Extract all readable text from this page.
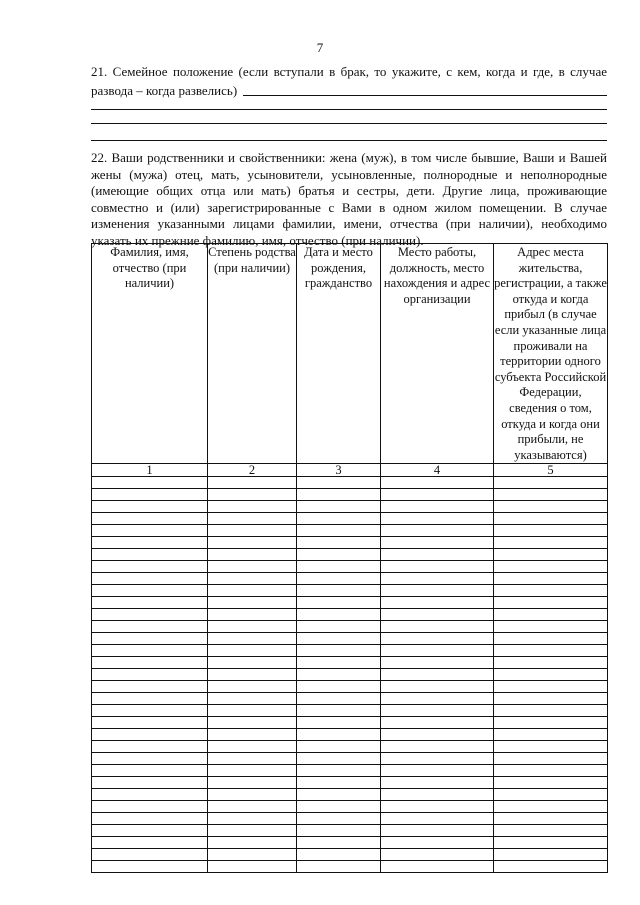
7
21. Семейное положение (если вступали в брак, то укажите, с кем, когда и где, в случае
развода – когда развелись)
22. Ваши родственники и свойственники: жена (муж), в том числе бывшие, Ваши и Вашей жены (мужа) отец, мать, усыновители, усыновленные, полнородные и неполнородные (имеющие общих отца или мать) братья и сестры, дети. Другие лица, проживающие совместно и (или) зарегистрированные с Вами в одном жилом помещении. В случае изменения указанными лицами фамилии, имени, отчества (при наличии), необходимо указать их прежние фамилию, имя, отчество (при наличии).
Фамилия, имя, отчество (при наличии)	Степень родства (при наличии)	Дата и место рождения, гражданство	Место работы, должность, место нахождения и адрес организации	Адрес места жительства, регистрации, а также откуда и когда прибыл (в случае если указанные лица проживали на территории одного субъекта Российской Федерации, сведения о том, откуда и когда они прибыли, не указываются)
1	2	3	4	5
